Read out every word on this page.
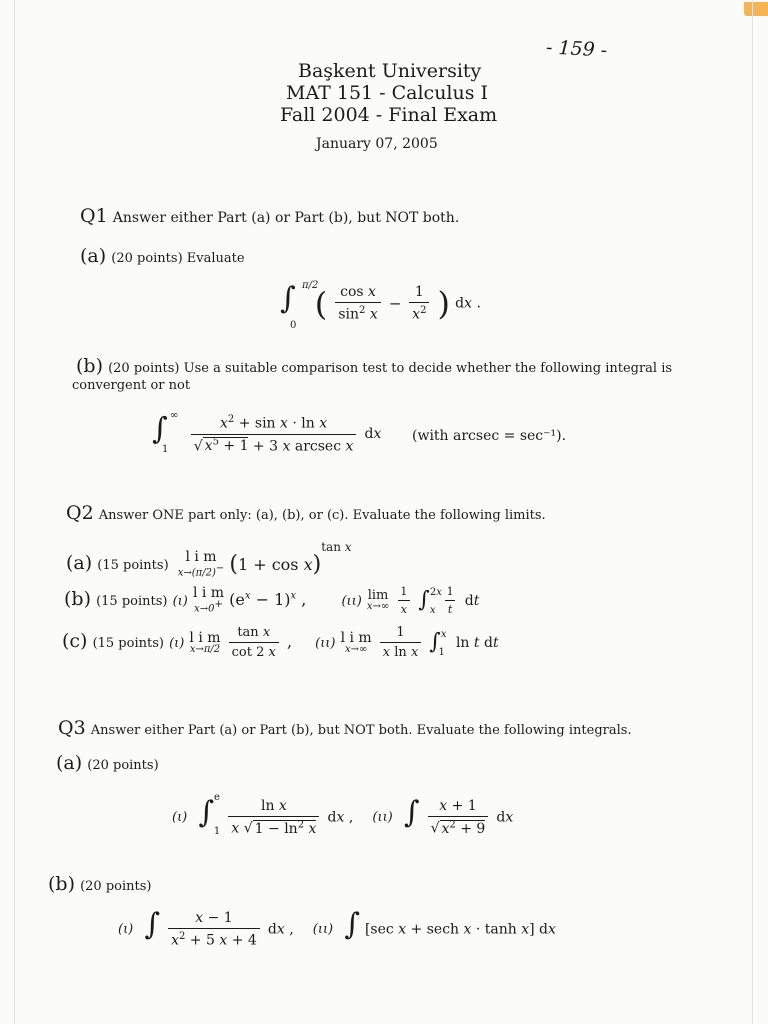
- 159 -
Başkent University
MAT 151 - Calculus I
Fall 2004 - Final Exam
January 07, 2005
Q1 Answer either Part (a) or Part (b), but NOT both.
(a) (20 points) Evaluate
∫ π/2
0
( $\frac{\text{cos x}}{\sin^2 x} - \frac{1}{x^2}$ ) dx .
(b) (20 points) Use a suitable comparison test to decide whether the following integral is
convergent or not
∫ ∞
$1 \frac{x^2 + \sin x \cdot \ln x}{√ x^5 + 1 + 3 x arcsec x}$ dx (with arcsec = sec⁻¹).
Q2 Answer ONE part only: (a), (b), or (c). Evaluate the following limits.
(a) (15 points)
l i m
x→(π/2)− $(1 + \cos x)^{tan x}$
(b) (15 points) (ι)
l i m
x→0+ $(e^x - 1)^x$ ,	(ιι) lim
x→∞
$\frac{1}{x} \int^{2x}_x \frac{1}{t}$ dt
(c) (15 points) (ι) l i m
x→π/2
$\frac{\text{tan x}}{\cot 2 x}$ , (ιι) l i m
x→∞
$\frac{1}{\text{x ln x}} \int^x_1$ ln t dt
Q3 Answer either Part (a) or Part (b), but NOT both. Evaluate the following integrals.
(a) (20 points)
(ι) $\int^e_1 \frac{\text{ln x}}{x √ 1 - \ln^2 x}$ dx , (ιι) ∫ $\frac{x + 1}{√ x^2 + 9}$ dx
(b) (20 points)
(ι) ∫ $\frac{x - 1}{x^2 + 5 x + 4}$ dx , (ιι) ∫ [sec x + sech x · tanh x] dx
